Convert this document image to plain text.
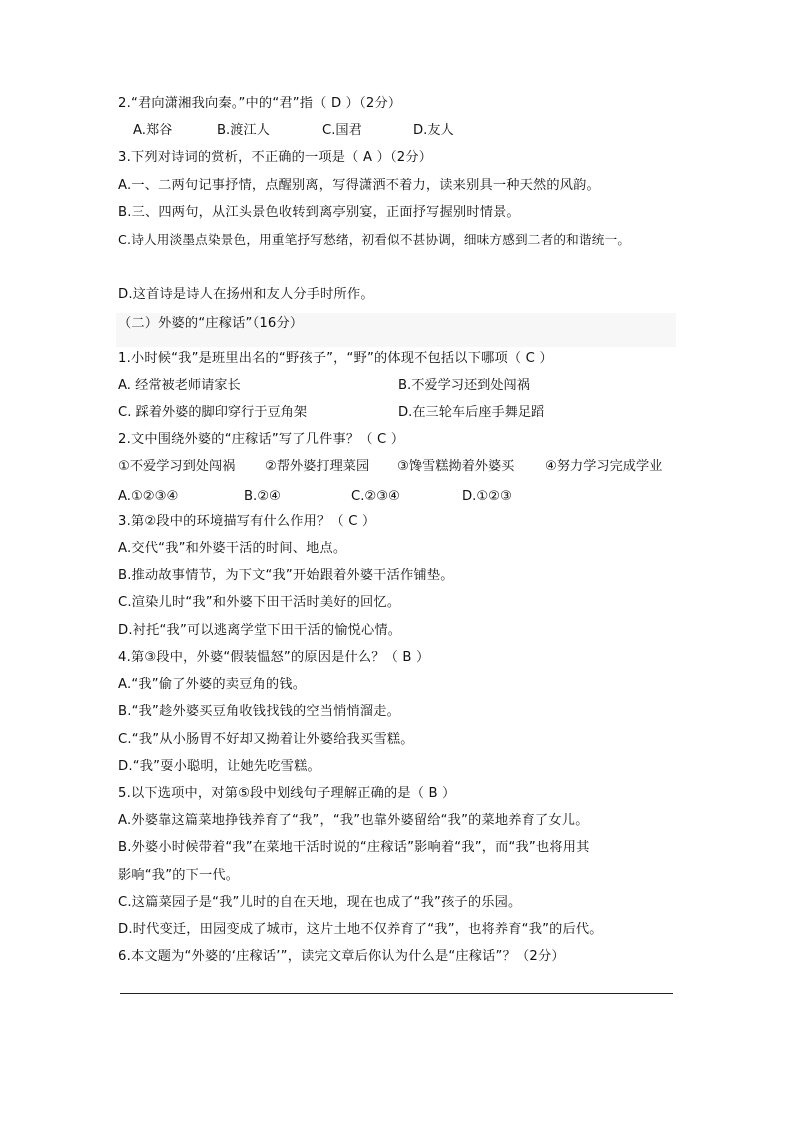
2.“君向潇湘我向秦。”中的“君”指（ D ）（2分）
A.郑谷	B.渡江人	C.国君	D.友人
3.下列对诗词的赏析，不正确的一项是（ A ）（2分）
A.一、二两句记事抒情，点醒别离，写得潇洒不着力，读来别具一种天然的风韵。
B.三、四两句，从江头景色收转到离亭别宴，正面抒写握别时情景。
C.诗人用淡墨点染景色，用重笔抒写愁绪，初看似不甚协调，细味方感到二者的和谐统一。
D.这首诗是诗人在扬州和友人分手时所作。
（二）外婆的“庄稼话”（16分）
1.小时候“我”是班里出名的“野孩子”，“野”的体现不包括以下哪项（ C ）
A. 经常被老师请家长	B.不爱学习还到处闯祸
C. 踩着外婆的脚印穿行于豆角架	D.在三轮车后座手舞足蹈
2.文中围绕外婆的“庄稼话”写了几件事？（ C ）
①不爱学习到处闯祸 ②帮外婆打理菜园 ③馋雪糕拗着外婆买 ④努力学习完成学业
A.①②③④	B.②④	C.②③④	D.①②③
3.第②段中的环境描写有什么作用？（ C ）
A.交代“我”和外婆干活的时间、地点。
B.推动故事情节，为下文“我”开始跟着外婆干活作铺垫。
C.渲染儿时“我”和外婆下田干活时美好的回忆。
D.衬托“我”可以逃离学堂下田干活的愉悦心情。
4.第③段中，外婆“假装愠怒”的原因是什么？（ B ）
A.“我”偷了外婆的卖豆角的钱。
B.“我”趁外婆买豆角收钱找钱的空当悄悄溜走。
C.“我”从小肠胃不好却又拗着让外婆给我买雪糕。
D.“我”耍小聪明，让她先吃雪糕。
5.以下选项中，对第⑤段中划线句子理解正确的是（ B ）
A.外婆靠这篇菜地挣钱养育了“我”，“我”也靠外婆留给“我”的菜地养育了女儿。
B.外婆小时候带着“我”在菜地干活时说的“庄稼话”影响着“我”，而“我”也将用其
影响“我”的下一代。
C.这篇菜园子是“我”儿时的自在天地，现在也成了“我”孩子的乐园。
D.时代变迁，田园变成了城市，这片土地不仅养育了“我”，也将养育“我”的后代。
6.本文题为“外婆的‘庄稼话’”，读完文章后你认为什么是“庄稼话”？（2分）
